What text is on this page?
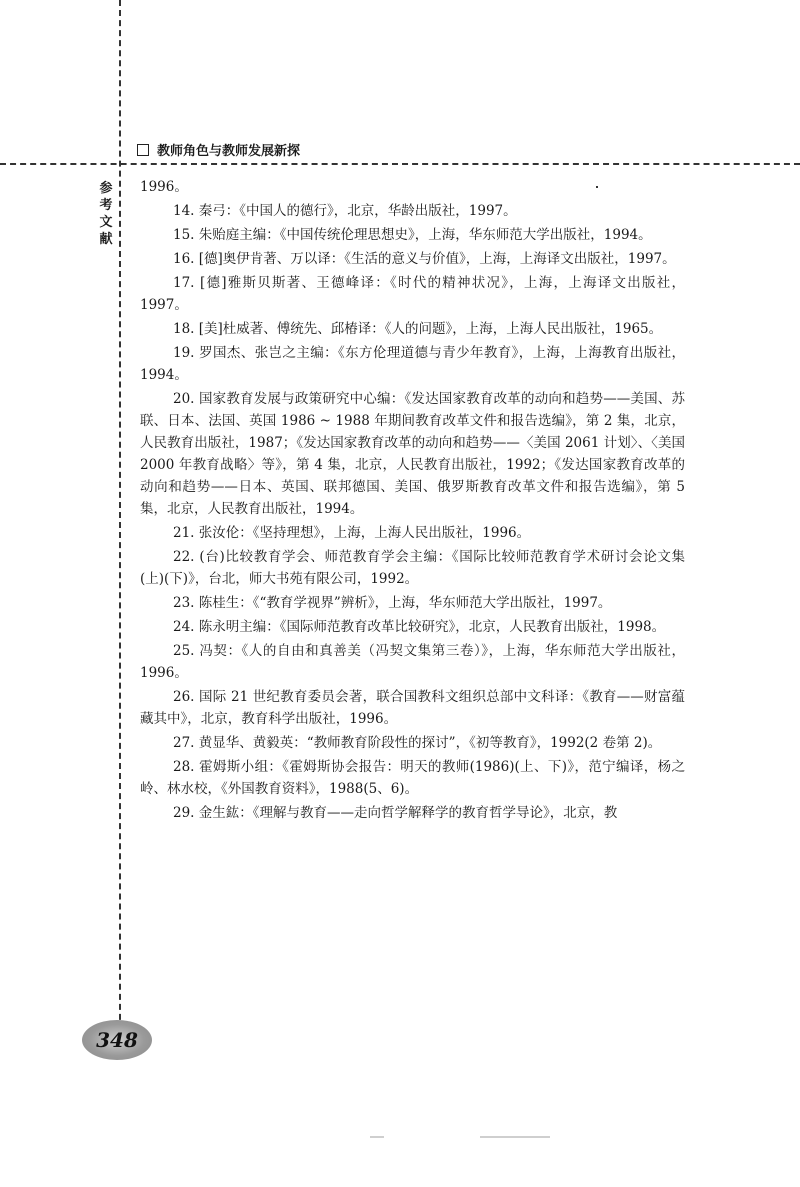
教师角色与教师发展新探
参考文献

1996。

14. 秦弓：《中国人的德行》，北京，华龄出版社，1997。

15. 朱贻庭主编：《中国传统伦理思想史》，上海，华东师范大学出版社，1994。

16. [德]奥伊肯著、万以译：《生活的意义与价值》，上海，上海译文出版社，1997。

17. [德]雅斯贝斯著、王德峰译：《时代的精神状况》，上海，上海译文出版社，1997。

18. [美]杜威著、傅统先、邱椿译：《人的问题》，上海，上海人民出版社，1965。

19. 罗国杰、张岂之主编：《东方伦理道德与青少年教育》，上海，上海教育出版社，1994。

20. 国家教育发展与政策研究中心编：《发达国家教育改革的动向和趋势——美国、苏联、日本、法国、英国 1986 ~ 1988 年期间教育改革文件和报告选编》，第 2 集，北京，人民教育出版社，1987；《发达国家教育改革的动向和趋势——〈美国 2061 计划〉、〈美国 2000 年教育战略〉等》，第 4 集，北京，人民教育出版社，1992；《发达国家教育改革的动向和趋势——日本、英国、联邦德国、美国、俄罗斯教育改革文件和报告选编》，第 5 集，北京，人民教育出版社，1994。

21. 张汝伦：《坚持理想》，上海，上海人民出版社，1996。

22. (台)比较教育学会、师范教育学会主编：《国际比较师范教育学术研讨会论文集(上)(下)》，台北，师大书苑有限公司，1992。

23. 陈桂生：《“教育学视界”辨析》，上海，华东师范大学出版社，1997。

24. 陈永明主编：《国际师范教育改革比较研究》，北京，人民教育出版社，1998。

25. 冯契：《人的自由和真善美（冯契文集第三卷）》，上海，华东师范大学出版社，1996。

26. 国际 21 世纪教育委员会著，联合国教科文组织总部中文科译：《教育——财富蕴藏其中》，北京，教育科学出版社，1996。

27. 黄显华、黄毅英：“教师教育阶段性的探讨”，《初等教育》，1992(2 卷第 2)。

28. 霍姆斯小组：《霍姆斯协会报告：明天的教师(1986)(上、下)》，范宁编译，杨之岭、林水校，《外国教育资料》，1988(5、6)。

29. 金生鈜：《理解与教育——走向哲学解释学的教育哲学导论》，北京，教

348
